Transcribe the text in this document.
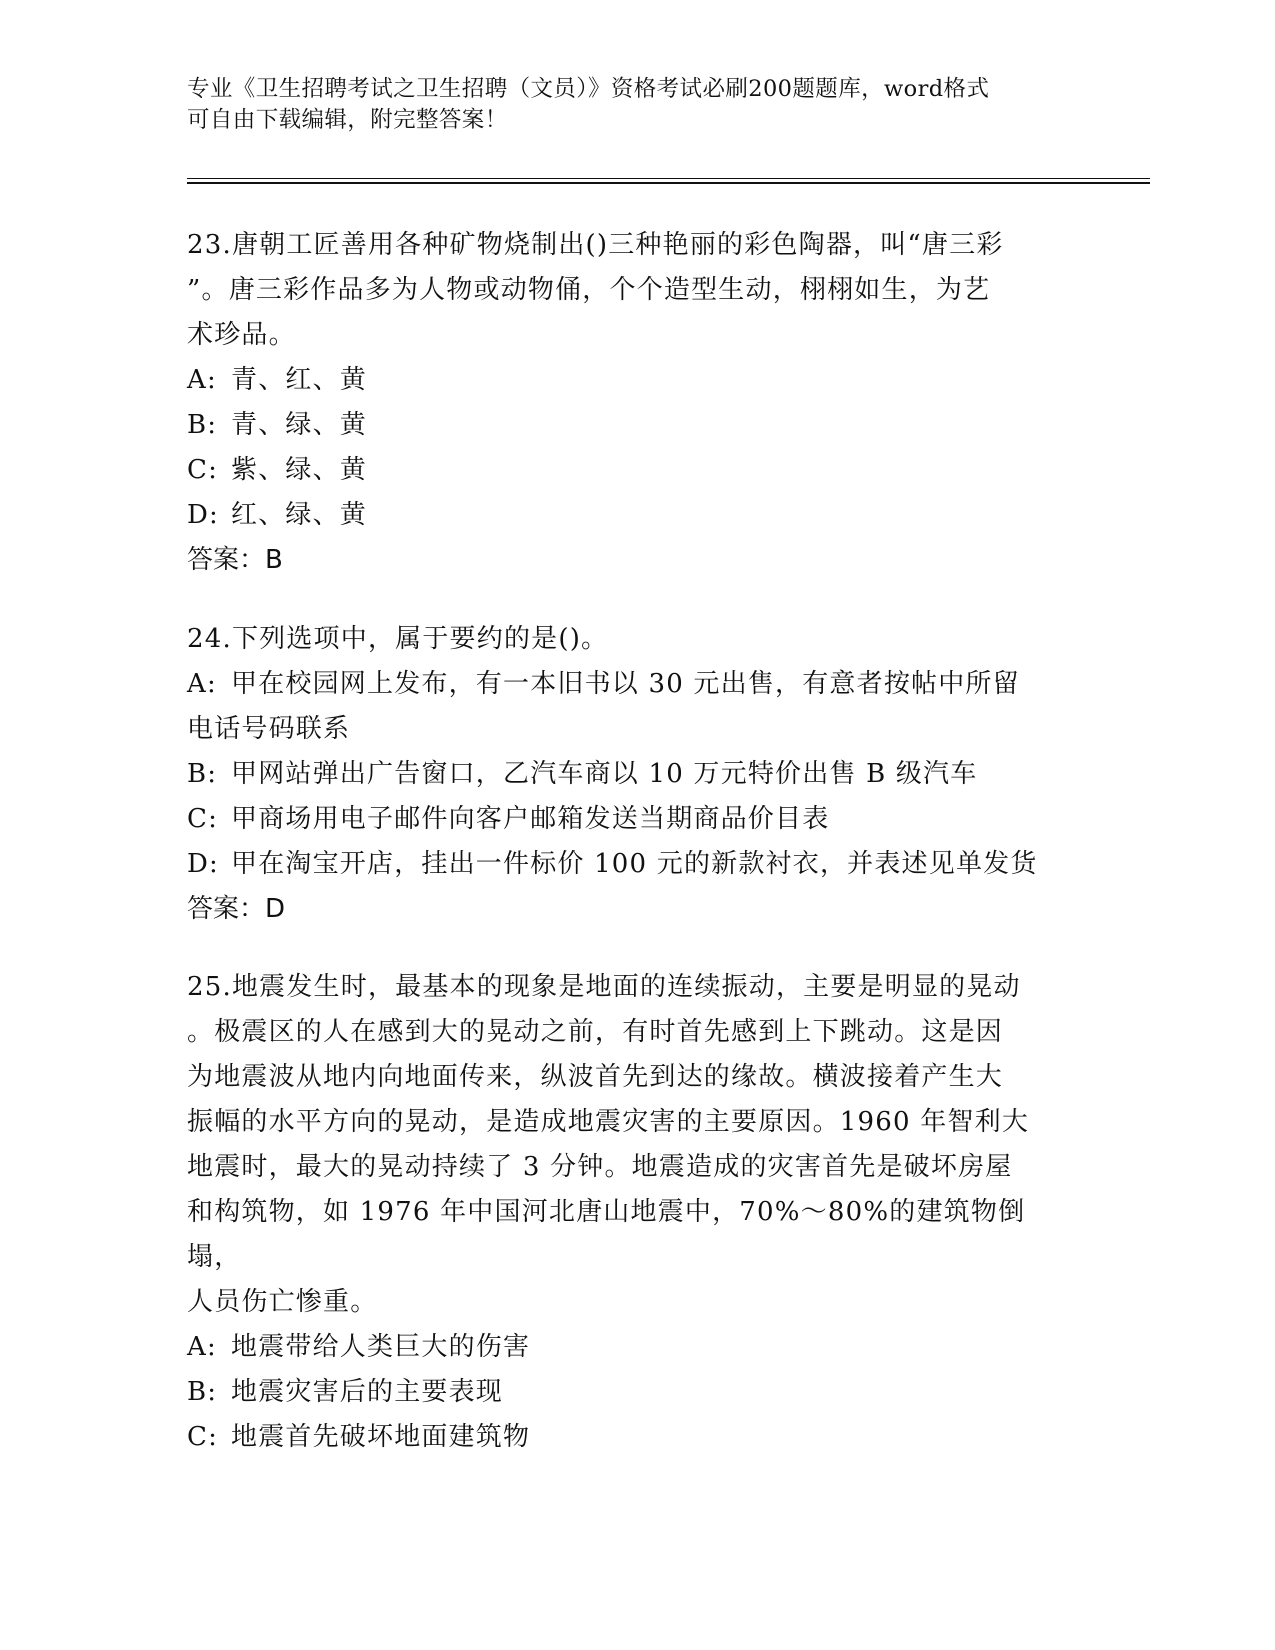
专业《卫生招聘考试之卫生招聘（文员）》资格考试必刷200题题库，word格式
可自由下载编辑，附完整答案！
23.唐朝工匠善用各种矿物烧制出()三种艳丽的彩色陶器，叫“唐三彩
”。唐三彩作品多为人物或动物俑，个个造型生动，栩栩如生，为艺
术珍品。
A: 青、红、黄
B: 青、绿、黄
C: 紫、绿、黄
D: 红、绿、黄
答案：B
24.下列选项中，属于要约的是()。
A: 甲在校园网上发布，有一本旧书以 30 元出售，有意者按帖中所留
电话号码联系
B: 甲网站弹出广告窗口，乙汽车商以 10 万元特价出售 B 级汽车
C: 甲商场用电子邮件向客户邮箱发送当期商品价目表
D: 甲在淘宝开店，挂出一件标价 100 元的新款衬衣，并表述见单发货
答案：D
25.地震发生时，最基本的现象是地面的连续振动，主要是明显的晃动
。极震区的人在感到大的晃动之前，有时首先感到上下跳动。这是因
为地震波从地内向地面传来，纵波首先到达的缘故。横波接着产生大
振幅的水平方向的晃动，是造成地震灾害的主要原因。1960 年智利大
地震时，最大的晃动持续了 3 分钟。地震造成的灾害首先是破坏房屋
和构筑物，如 1976 年中国河北唐山地震中，70%～80%的建筑物倒塌，
人员伤亡惨重。
A: 地震带给人类巨大的伤害
B: 地震灾害后的主要表现
C: 地震首先破坏地面建筑物
